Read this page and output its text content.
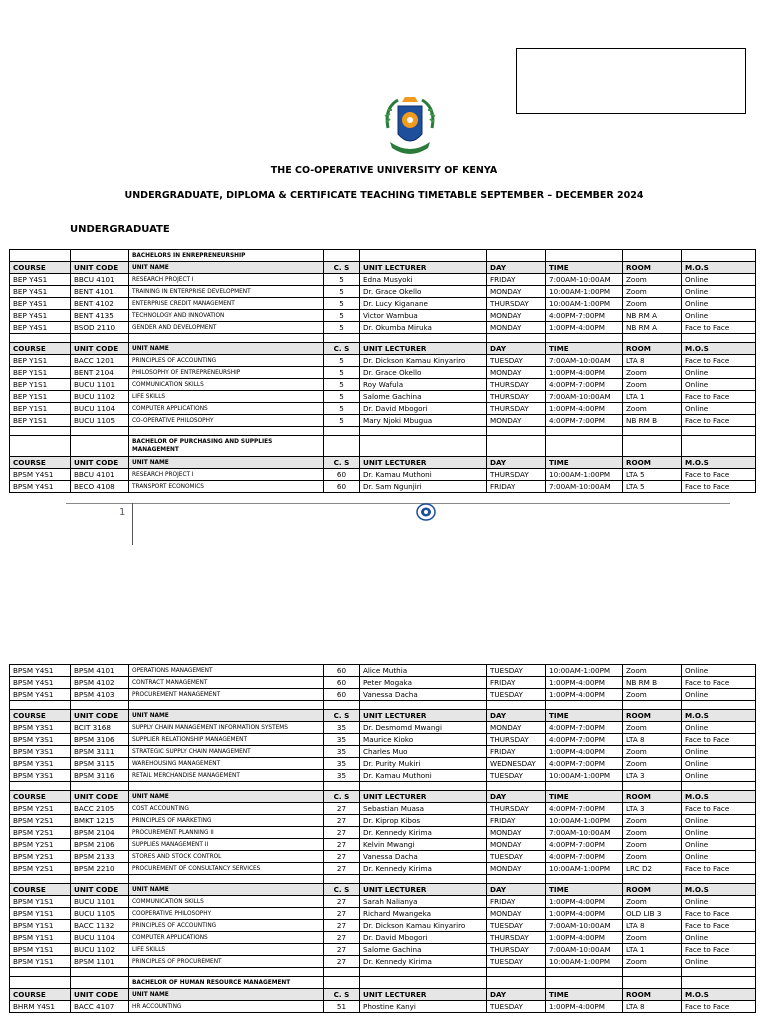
THE CO-OPERATIVE UNIVERSITY OF KENYA
UNDERGRADUATE, DIPLOMA & CERTIFICATE TEACHING TIMETABLE SEPTEMBER – DECEMBER 2024
UNDERGRADUATE
		BACHELORS IN ENREPRENEURSHIP						
COURSE	UNIT CODE	UNIT NAME	C. S	UNIT LECTURER	DAY	TIME	ROOM	M.O.S
BEP Y4S1	BBCU 4101	RESEARCH PROJECT I	5	Edna Musyoki	FRIDAY	7:00AM-10:00AM	Zoom	Online
BEP Y4S1	BENT 4101	TRAINING IN ENTERPRISE DEVELOPMENT	5	Dr. Grace Okello	MONDAY	10:00AM-1:00PM	Zoom	Online
BEP Y4S1	BENT 4102	ENTERPRISE CREDIT MANAGEMENT	5	Dr. Lucy Kiganane	THURSDAY	10:00AM-1:00PM	Zoom	Online
BEP Y4S1	BENT 4135	TECHNOLOGY AND INNOVATION	5	Victor Wambua	MONDAY	4:00PM-7:00PM	NB RM A	Online
BEP Y4S1	BSOD 2110	GENDER AND DEVELOPMENT	5	Dr. Okumba Miruka	MONDAY	1:00PM-4:00PM	NB RM A	Face to Face

COURSE	UNIT CODE	UNIT NAME	C. S	UNIT LECTURER	DAY	TIME	ROOM	M.O.S
BEP Y1S1	BACC 1201	PRINCIPLES OF ACCOUNTING	5	Dr. Dickson Kamau Kinyariro	TUESDAY	7:00AM-10:00AM	LTA 8	Face to Face
BEP Y1S1	BENT 2104	PHILOSOPHY OF ENTREPRENEURSHIP	5	Dr. Grace Okello	MONDAY	1:00PM-4:00PM	Zoom	Online
BEP Y1S1	BUCU 1101	COMMUNICATION SKILLS	5	Roy Wafula	THURSDAY	4:00PM-7:00PM	Zoom	Online
BEP Y1S1	BUCU 1102	LIFE SKILLS	5	Salome Gachina	THURSDAY	7:00AM-10:00AM	LTA 1	Face to Face
BEP Y1S1	BUCU 1104	COMPUTER APPLICATIONS	5	Dr. David Mbogori	THURSDAY	1:00PM-4:00PM	Zoom	Online
BEP Y1S1	BUCU 1105	CO-OPERATIVE PHILOSOPHY	5	Mary Njoki Mbugua	MONDAY	4:00PM-7:00PM	NB RM B	Face to Face

		BACHELOR OF PURCHASING AND SUPPLIES MANAGEMENT						
COURSE	UNIT CODE	UNIT NAME	C. S	UNIT LECTURER	DAY	TIME	ROOM	M.O.S
BPSM Y4S1	BBCU 4101	RESEARCH PROJECT I	60	Dr. Kamau Muthoni	THURSDAY	10:00AM-1:00PM	LTA 5	Face to Face
BPSM Y4S1	BECO 4108	TRANSPORT ECONOMICS	60	Dr. Sam Ngunjiri	FRIDAY	7:00AM-10:00AM	LTA 5	Face to Face
1
BPSM Y4S1	BPSM 4101	OPERATIONS MANAGEMENT	60	Alice Muthia	TUESDAY	10:00AM-1:00PM	Zoom	Online
BPSM Y4S1	BPSM 4102	CONTRACT MANAGEMENT	60	Peter Mogaka	FRIDAY	1:00PM-4:00PM	NB RM B	Face to Face
BPSM Y4S1	BPSM 4103	PROCUREMENT MANAGEMENT	60	Vanessa Dacha	TUESDAY	1:00PM-4:00PM	Zoom	Online

COURSE	UNIT CODE	UNIT NAME	C. S	UNIT LECTURER	DAY	TIME	ROOM	M.O.S
BPSM Y3S1	BCIT 3168	SUPPLY CHAIN MANAGEMENT INFORMATION SYSTEMS	35	Dr. Desmomd Mwangi	MONDAY	4:00PM-7:00PM	Zoom	Online
BPSM Y3S1	BPSM 3106	SUPPLIER RELATIONSHIP MANAGEMENT	35	Maurice Kioko	THURSDAY	4:00PM-7:00PM	LTA 8	Face to Face
BPSM Y3S1	BPSM 3111	STRATEGIC SUPPLY CHAIN MANAGEMENT	35	Charles Muo	FRIDAY	1:00PM-4:00PM	Zoom	Online
BPSM Y3S1	BPSM 3115	WAREHOUSING MANAGEMENT	35	Dr. Purity Mukiri	WEDNESDAY	4:00PM-7:00PM	Zoom	Online
BPSM Y3S1	BPSM 3116	RETAIL MERCHANDISE MANAGEMENT	35	Dr. Kamau Muthoni	TUESDAY	10:00AM-1:00PM	LTA 3	Online

COURSE	UNIT CODE	UNIT NAME	C. S	UNIT LECTURER	DAY	TIME	ROOM	M.O.S
BPSM Y2S1	BACC 2105	COST ACCOUNTING	27	Sebastian Muasa	THURSDAY	4:00PM-7:00PM	LTA 3	Face to Face
BPSM Y2S1	BMKT 1215	PRINCIPLES OF MARKETING	27	Dr. Kiprop Kibos	FRIDAY	10:00AM-1:00PM	Zoom	Online
BPSM Y2S1	BPSM 2104	PROCUREMENT PLANNING II	27	Dr. Kennedy Kirima	MONDAY	7:00AM-10:00AM	Zoom	Online
BPSM Y2S1	BPSM 2106	SUPPLIES MANAGEMENT II	27	Kelvin Mwangi	MONDAY	4:00PM-7:00PM	Zoom	Online
BPSM Y2S1	BPSM 2133	STORES AND STOCK CONTROL	27	Vanessa Dacha	TUESDAY	4:00PM-7:00PM	Zoom	Online
BPSM Y2S1	BPSM 2210	PROCUREMENT OF CONSULTANCY SERVICES	27	Dr. Kennedy Kirima	MONDAY	10:00AM-1:00PM	LRC D2	Face to Face

COURSE	UNIT CODE	UNIT NAME	C. S	UNIT LECTURER	DAY	TIME	ROOM	M.O.S
BPSM Y1S1	BUCU 1101	COMMUNICATION SKILLS	27	Sarah Nalianya	FRIDAY	1:00PM-4:00PM	Zoom	Online
BPSM Y1S1	BUCU 1105	COOPERATIVE PHILOSOPHY	27	Richard Mwangeka	MONDAY	1:00PM-4:00PM	OLD LIB 3	Face to Face
BPSM Y1S1	BACC 1132	PRINCIPLES OF ACCOUNTING	27	Dr. Dickson Kamau Kinyariro	TUESDAY	7:00AM-10:00AM	LTA 8	Face to Face
BPSM Y1S1	BUCU 1104	COMPUTER APPLICATIONS	27	Dr. David Mbogori	THURSDAY	1:00PM-4:00PM	Zoom	Online
BPSM Y1S1	BUCU 1102	LIFE SKILLS	27	Salome Gachina	THURSDAY	7:00AM-10:00AM	LTA 1	Face to Face
BPSM Y1S1	BPSM 1101	PRINCIPLES OF PROCUREMENT	27	Dr. Kennedy Kirima	TUESDAY	10:00AM-1:00PM	Zoom	Online

		BACHELOR OF HUMAN RESOURCE MANAGEMENT						
COURSE	UNIT CODE	UNIT NAME	C. S	UNIT LECTURER	DAY	TIME	ROOM	M.O.S
BHRM Y4S1	BACC 4107	HR ACCOUNTING	51	Phostine Kanyi	TUESDAY	1:00PM-4:00PM	LTA 8	Face to Face
